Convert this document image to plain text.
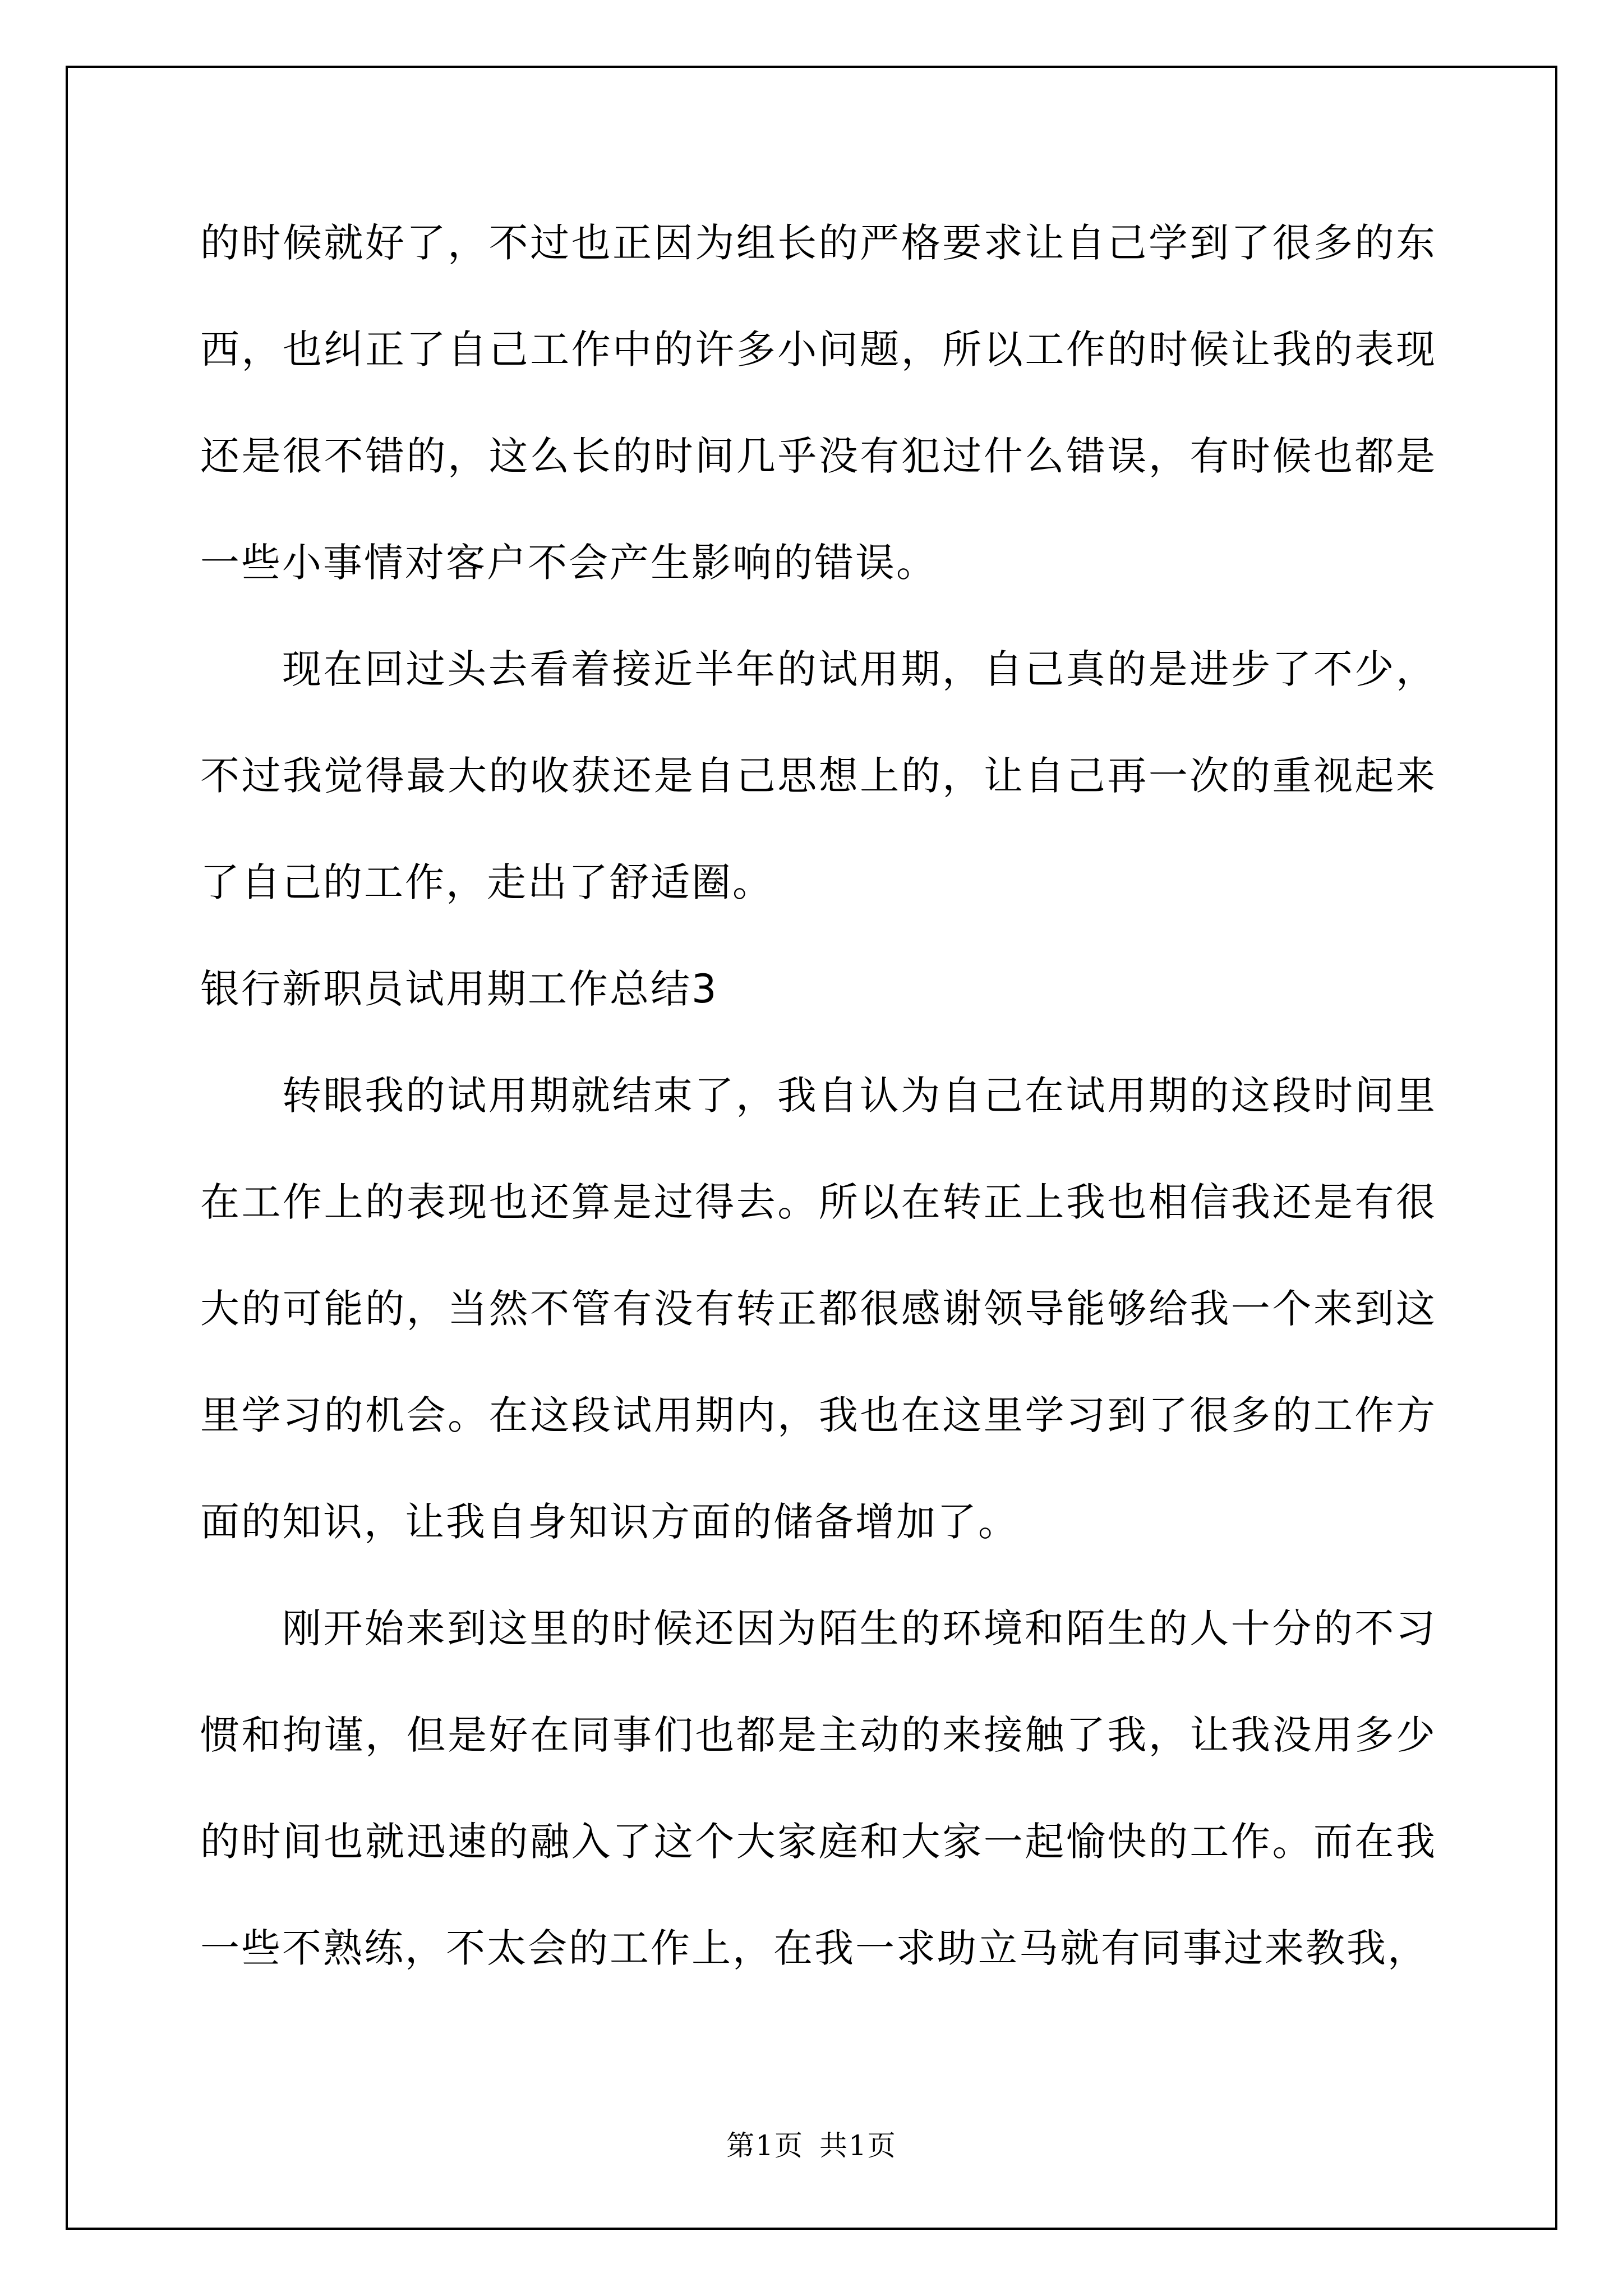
的时候就好了，不过也正因为组长的严格要求让自己学到了很多的东西，也纠正了自己工作中的许多小问题，所以工作的时候让我的表现还是很不错的，这么长的时间几乎没有犯过什么错误，有时候也都是一些小事情对客户不会产生影响的错误。

现在回过头去看着接近半年的试用期，自己真的是进步了不少，不过我觉得最大的收获还是自己思想上的，让自己再一次的重视起来了自己的工作，走出了舒适圈。

银行新职员试用期工作总结3

转眼我的试用期就结束了，我自认为自己在试用期的这段时间里在工作上的表现也还算是过得去。所以在转正上我也相信我还是有很大的可能的，当然不管有没有转正都很感谢领导能够给我一个来到这里学习的机会。在这段试用期内，我也在这里学习到了很多的工作方面的知识，让我自身知识方面的储备增加了。

刚开始来到这里的时候还因为陌生的环境和陌生的人十分的不习惯和拘谨，但是好在同事们也都是主动的来接触了我，让我没用多少的时间也就迅速的融入了这个大家庭和大家一起愉快的工作。而在我一些不熟练，不太会的工作上，在我一求助立马就有同事过来教我，

第1页 共1页
